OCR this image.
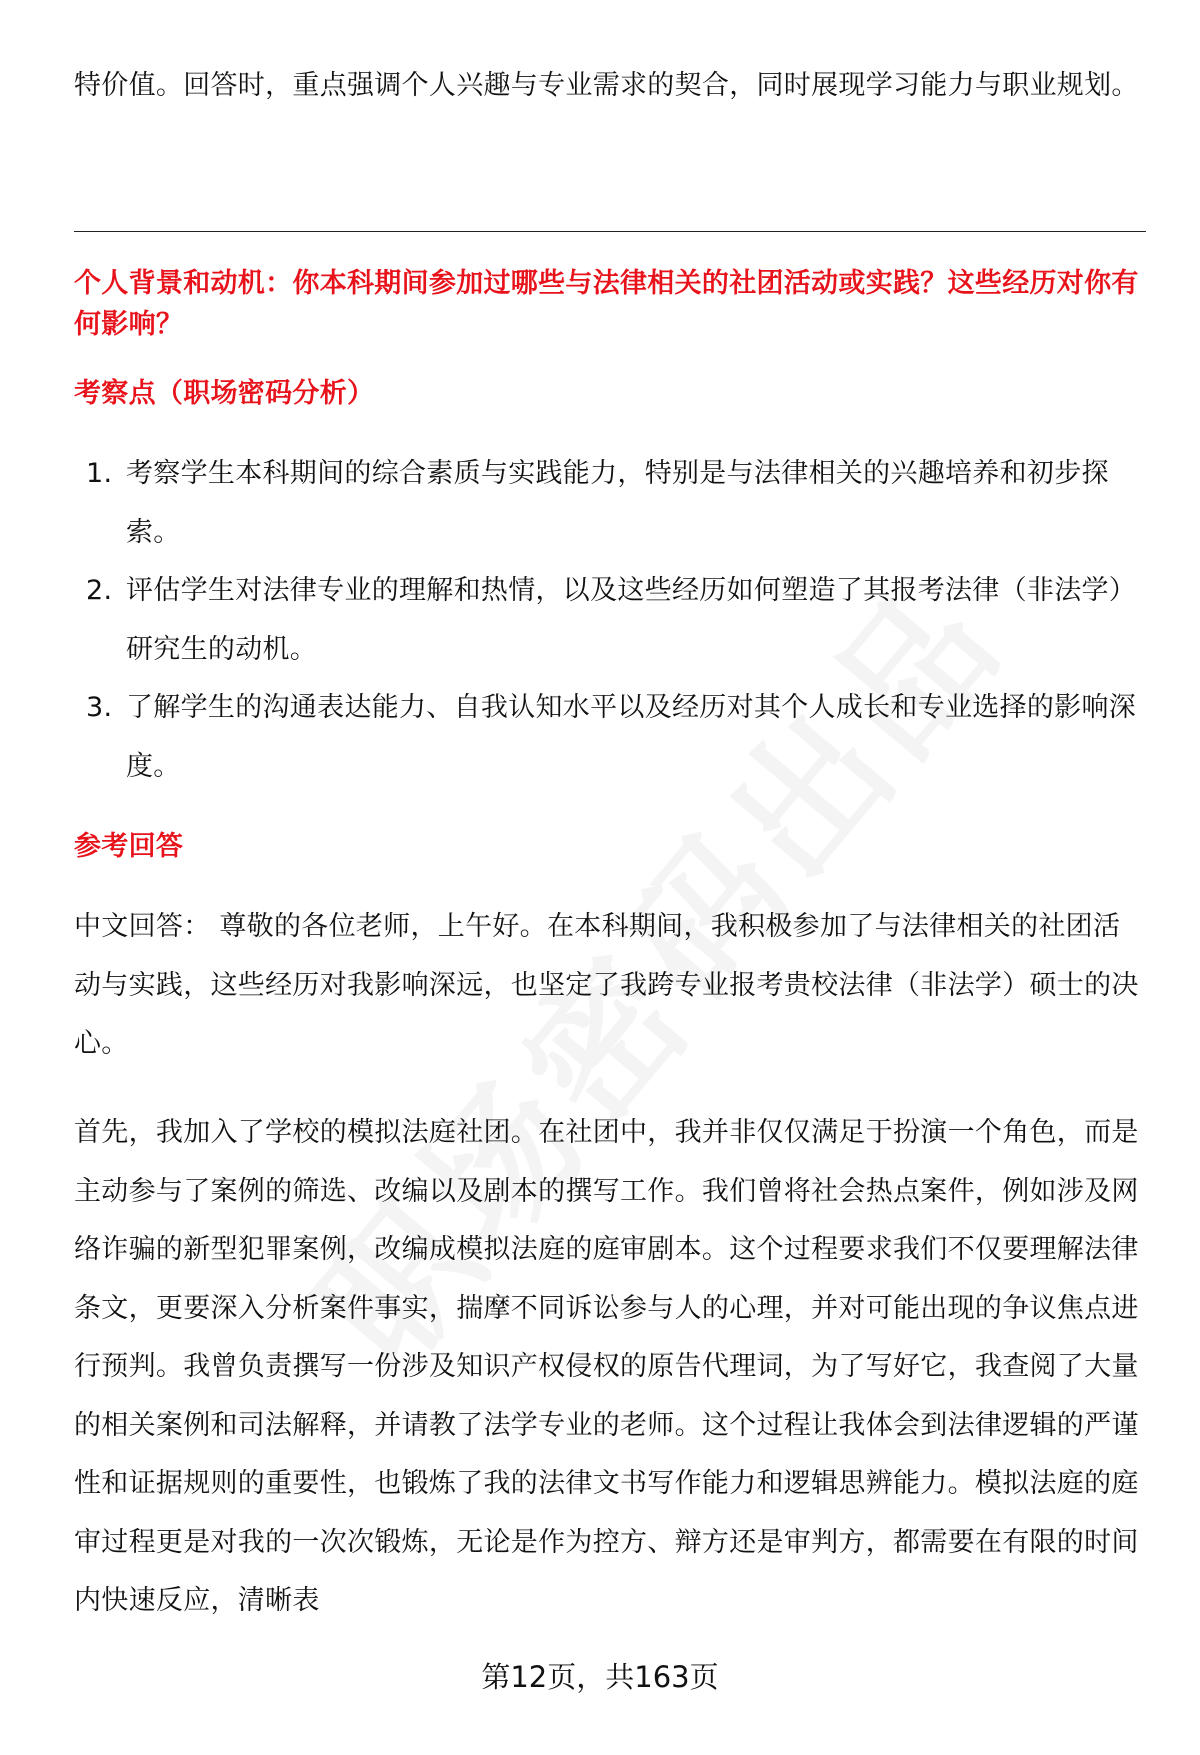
特价值。回答时，重点强调个人兴趣与专业需求的契合，同时展现学习能力与职业规划。

个人背景和动机：你本科期间参加过哪些与法律相关的社团活动或实践？这些经历对你有何影响？
考察点（职场密码分析）
1. 考察学生本科期间的综合素质与实践能力，特别是与法律相关的兴趣培养和初步探索。
2. 评估学生对法律专业的理解和热情，以及这些经历如何塑造了其报考法律（非法学）研究生的动机。
3. 了解学生的沟通表达能力、自我认知水平以及经历对其个人成长和专业选择的影响深度。
参考回答

中文回答： 尊敬的各位老师，上午好。在本科期间，我积极参加了与法律相关的社团活动与实践，这些经历对我影响深远，也坚定了我跨专业报考贵校法律（非法学）硕士的决心。

首先，我加入了学校的模拟法庭社团。在社团中，我并非仅仅满足于扮演一个角色，而是主动参与了案例的筛选、改编以及剧本的撰写工作。我们曾将社会热点案件，例如涉及网络诈骗的新型犯罪案例，改编成模拟法庭的庭审剧本。这个过程要求我们不仅要理解法律条文，更要深入分析案件事实，揣摩不同诉讼参与人的心理，并对可能出现的争议焦点进行预判。我曾负责撰写一份涉及知识产权侵权的原告代理词，为了写好它，我查阅了大量的相关案例和司法解释，并请教了法学专业的老师。这个过程让我体会到法律逻辑的严谨性和证据规则的重要性，也锻炼了我的法律文书写作能力和逻辑思辨能力。模拟法庭的庭审过程更是对我的一次次锻炼，无论是作为控方、辩方还是审判方，都需要在有限的时间内快速反应，清晰表

第12页，共163页
